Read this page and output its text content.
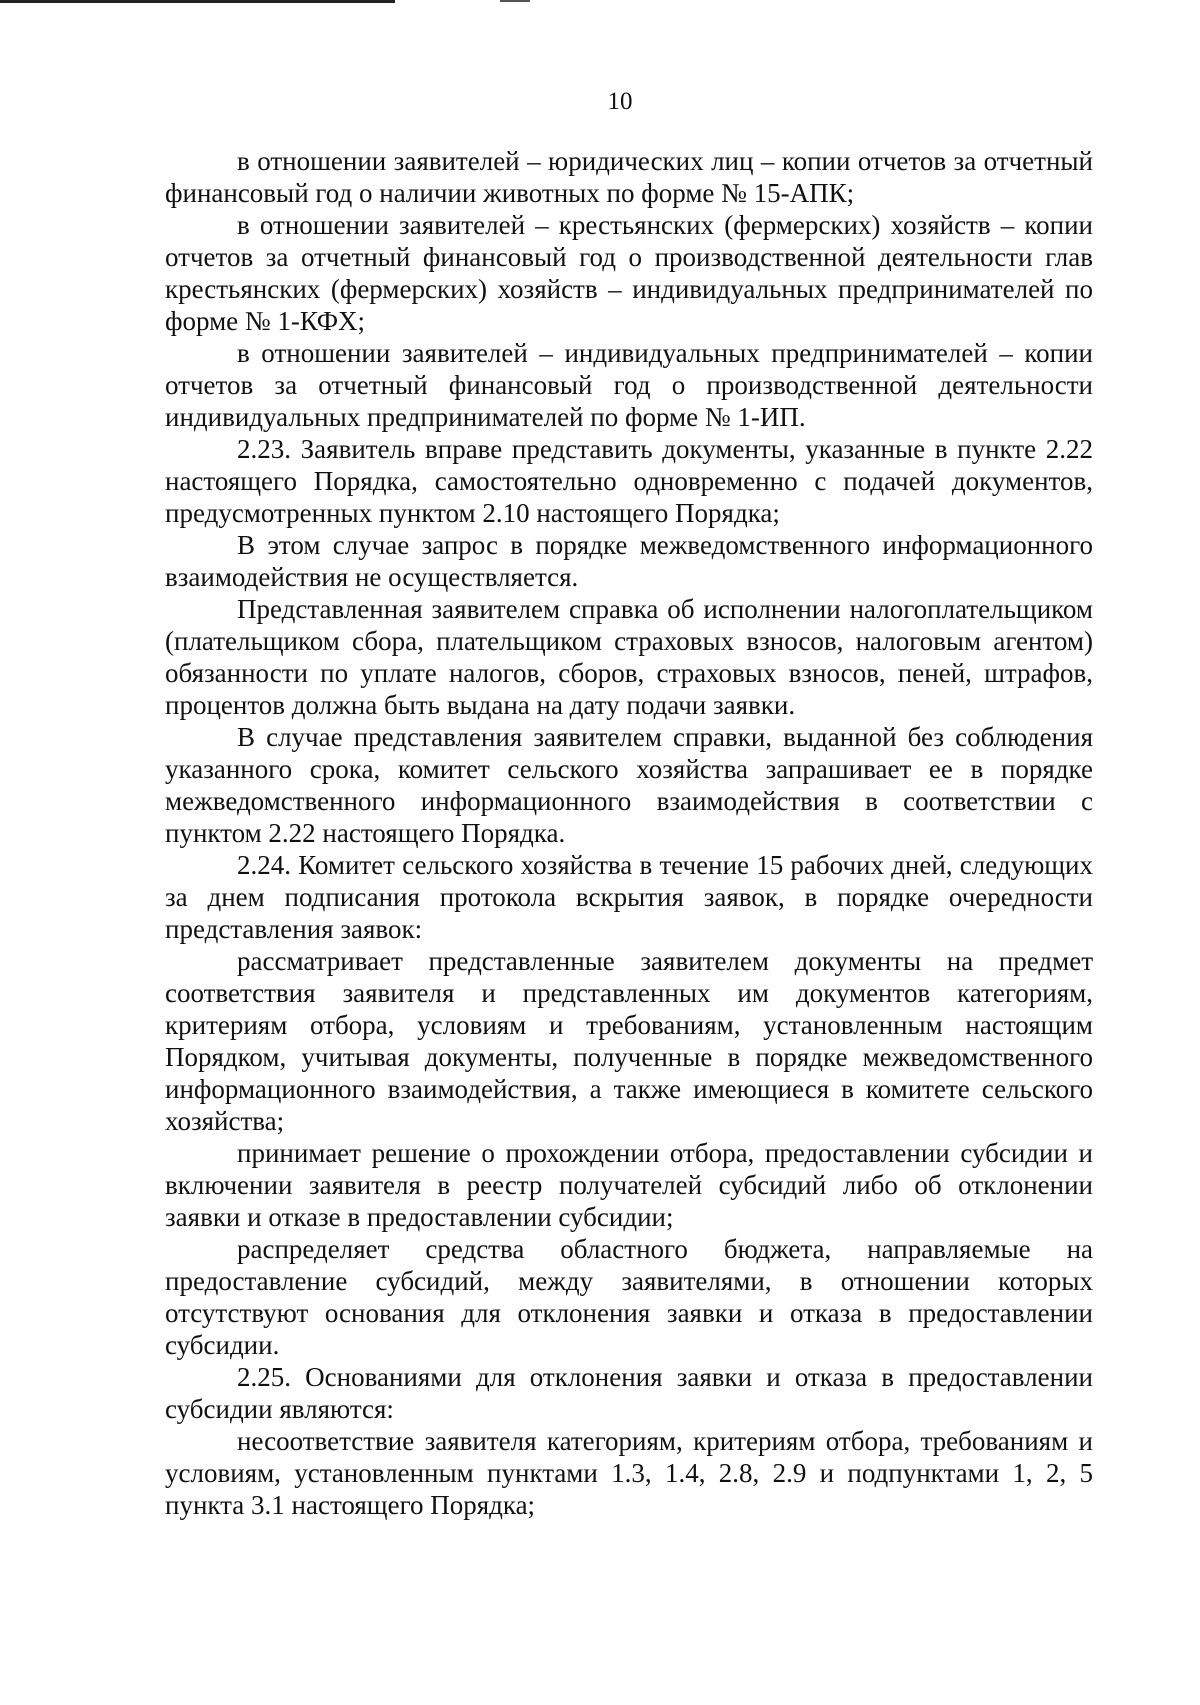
10

в отношении заявителей – юридических лиц – копии отчетов за отчетный финансовый год о наличии животных по форме № 15-АПК;

в отношении заявителей – крестьянских (фермерских) хозяйств – копии отчетов за отчетный финансовый год о производственной деятельности глав крестьянских (фермерских) хозяйств – индивидуальных предпринимателей по форме № 1-КФХ;

в отношении заявителей – индивидуальных предпринимателей – копии отчетов за отчетный финансовый год о производственной деятельности индивидуальных предпринимателей по форме № 1-ИП.

2.23. Заявитель вправе представить документы, указанные в пункте 2.22 настоящего Порядка, самостоятельно одновременно с подачей документов, предусмотренных пунктом 2.10 настоящего Порядка;

В этом случае запрос в порядке межведомственного информационного взаимодействия не осуществляется.

Представленная заявителем справка об исполнении налогоплательщиком (плательщиком сбора, плательщиком страховых взносов, налоговым агентом) обязанности по уплате налогов, сборов, страховых взносов, пеней, штрафов, процентов должна быть выдана на дату подачи заявки.

В случае представления заявителем справки, выданной без соблюдения указанного срока, комитет сельского хозяйства запрашивает ее в порядке межведомственного информационного взаимодействия в соответствии с пунктом 2.22 настоящего Порядка.

2.24. Комитет сельского хозяйства в течение 15 рабочих дней, следующих за днем подписания протокола вскрытия заявок, в порядке очередности представления заявок:

рассматривает представленные заявителем документы на предмет соответствия заявителя и представленных им документов категориям, критериям отбора, условиям и требованиям, установленным настоящим Порядком, учитывая документы, полученные в порядке межведомственного информационного взаимодействия, а также имеющиеся в комитете сельского хозяйства;

принимает решение о прохождении отбора, предоставлении субсидии и включении заявителя в реестр получателей субсидий либо об отклонении заявки и отказе в предоставлении субсидии;

распределяет средства областного бюджета, направляемые на предоставление субсидий, между заявителями, в отношении которых отсутствуют основания для отклонения заявки и отказа в предоставлении субсидии.

2.25. Основаниями для отклонения заявки и отказа в предоставлении субсидии являются:

несоответствие заявителя категориям, критериям отбора, требованиям и условиям, установленным пунктами 1.3, 1.4, 2.8, 2.9 и подпунктами 1, 2, 5 пункта 3.1 настоящего Порядка;
